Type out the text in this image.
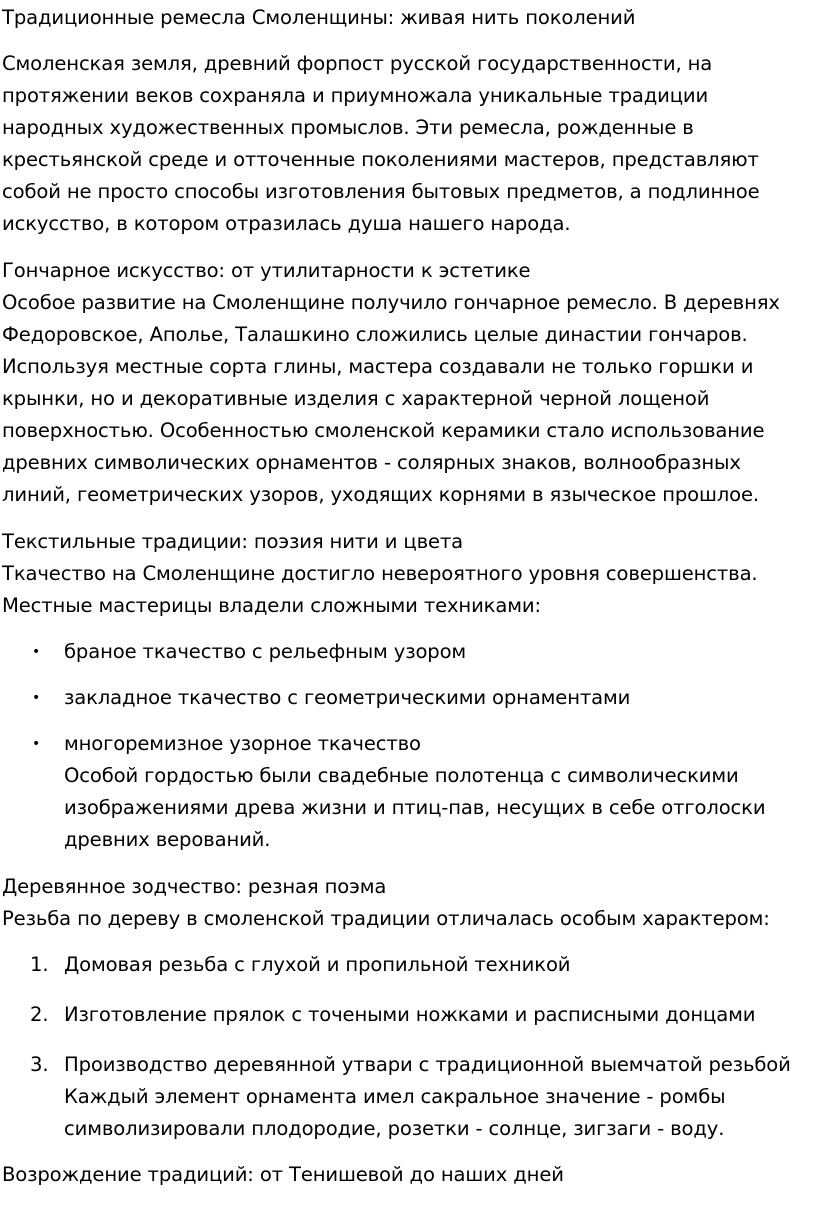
Традиционные ремесла Смоленщины: живая нить поколений

Смоленская земля, древний форпост русской государственности, на протяжении веков сохраняла и приумножала уникальные традиции народных художественных промыслов. Эти ремесла, рожденные в крестьянской среде и отточенные поколениями мастеров, представляют собой не просто способы изготовления бытовых предметов, а подлинное искусство, в котором отразилась душа нашего народа.

Гончарное искусство: от утилитарности к эстетике

Особое развитие на Смоленщине получило гончарное ремесло. В деревнях Федоровское, Аполье, Талашкино сложились целые династии гончаров. Используя местные сорта глины, мастера создавали не только горшки и крынки, но и декоративные изделия с характерной черной лощеной поверхностью. Особенностью смоленской керамики стало использование древних символических орнаментов - солярных знаков, волнообразных линий, геометрических узоров, уходящих корнями в языческое прошлое.

Текстильные традиции: поэзия нити и цвета

Ткачество на Смоленщине достигло невероятного уровня совершенства. Местные мастерицы владели сложными техниками:

• браное ткачество с рельефным узором
• закладное ткачество с геометрическими орнаментами
• многоремизное узорное ткачество
Особой гордостью были свадебные полотенца с символическими изображениями древа жизни и птиц-пав, несущих в себе отголоски древних верований.

Деревянное зодчество: резная поэма

Резьба по дереву в смоленской традиции отличалась особым характером:

1. Домовая резьба с глухой и пропильной техникой
2. Изготовление прялок с точеными ножками и расписными донцами
3. Производство деревянной утвари с традиционной выемчатой резьбой
Каждый элемент орнамента имел сакральное значение - ромбы символизировали плодородие, розетки - солнце, зигзаги - воду.

Возрождение традиций: от Тенишевой до наших дней
